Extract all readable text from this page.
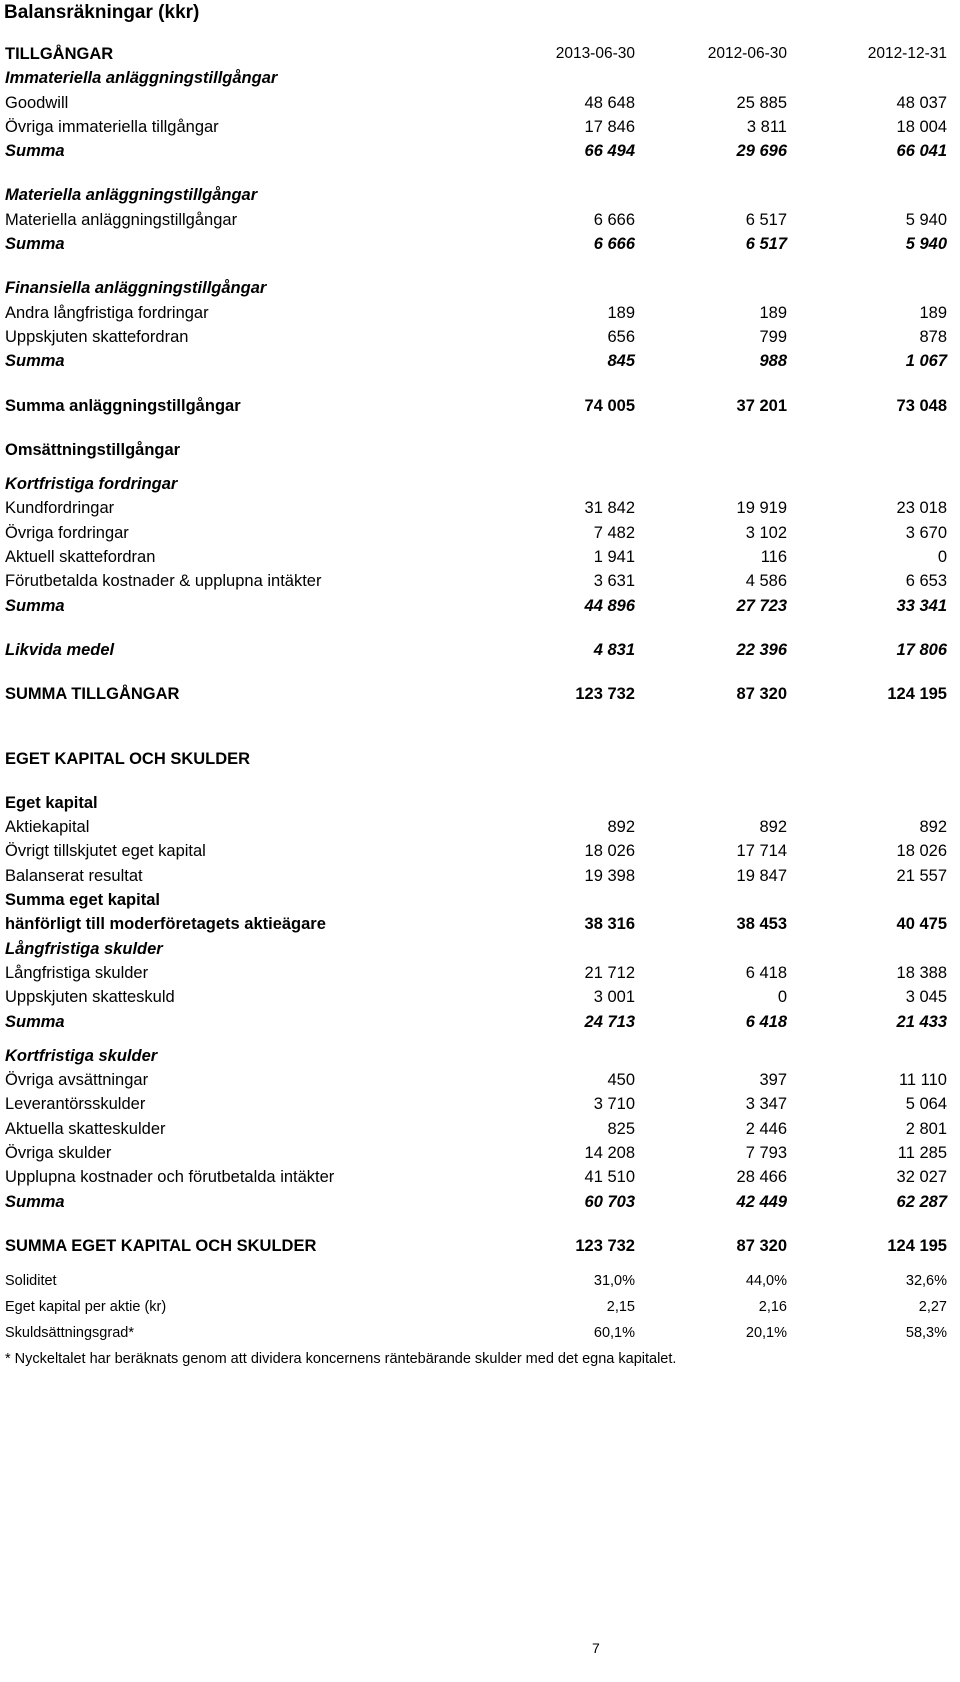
Balansräkningar (kkr)
TILLGÅNGAR	2013-06-30	2012-06-30	2012-12-31
Immateriella anläggningstillgångar
Goodwill	48 648	25 885	48 037
Övriga immateriella tillgångar	17 846	3 811	18 004
Summa	66 494	29 696	66 041
Materiella anläggningstillgångar
Materiella anläggningstillgångar	6 666	6 517	5 940
Summa	6 666	6 517	5 940
Finansiella anläggningstillgångar
Andra långfristiga fordringar	189	189	189
Uppskjuten skattefordran	656	799	878
Summa	845	988	1 067
Summa anläggningstillgångar	74 005	37 201	73 048
Omsättningstillgångar
Kortfristiga fordringar
Kundfordringar	31 842	19 919	23 018
Övriga fordringar	7 482	3 102	3 670
Aktuell skattefordran	1 941	116	0
Förutbetalda kostnader & upplupna intäkter	3 631	4 586	6 653
Summa	44 896	27 723	33 341
Likvida medel	4 831	22 396	17 806
SUMMA TILLGÅNGAR	123 732	87 320	124 195
EGET KAPITAL OCH SKULDER
Eget kapital
Aktiekapital	892	892	892
Övrigt tillskjutet eget kapital	18 026	17 714	18 026
Balanserat resultat	19 398	19 847	21 557
Summa eget kapital
hänförligt till moderföretagets aktieägare	38 316	38 453	40 475
Långfristiga skulder
Långfristiga skulder	21 712	6 418	18 388
Uppskjuten skatteskuld	3 001	0	3 045
Summa	24 713	6 418	21 433
Kortfristiga skulder
Övriga avsättningar	450	397	11 110
Leverantörsskulder	3 710	3 347	5 064
Aktuella skatteskulder	825	2 446	2 801
Övriga skulder	14 208	7 793	11 285
Upplupna kostnader och förutbetalda intäkter	41 510	28 466	32 027
Summa	60 703	42 449	62 287
SUMMA EGET KAPITAL OCH SKULDER	123 732	87 320	124 195
Soliditet	31,0%	44,0%	32,6%
Eget kapital per aktie (kr)	2,15	2,16	2,27
Skuldsättningsgrad*	60,1%	20,1%	58,3%
* Nyckeltalet har beräknats genom att dividera koncernens räntebärande skulder med det egna kapitalet.
7
